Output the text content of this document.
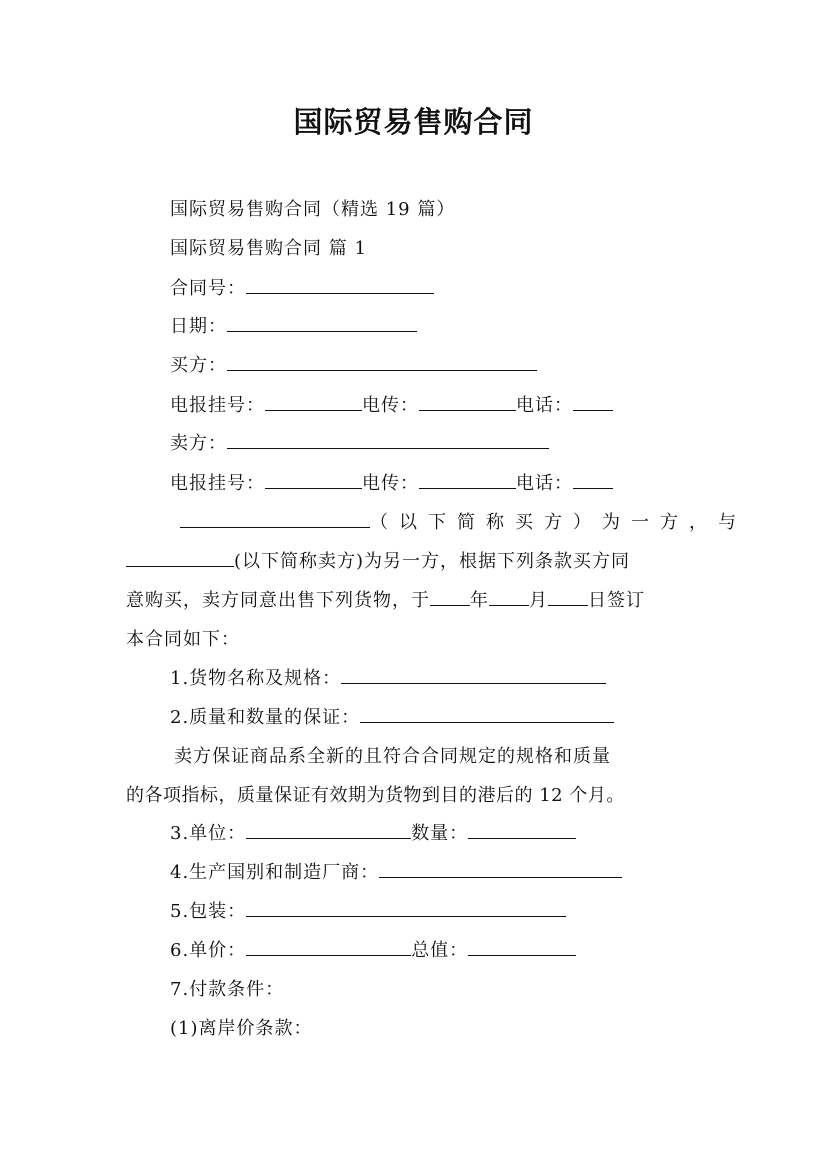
国际贸易售购合同
国际贸易售购合同（精选 19 篇）
国际贸易售购合同 篇 1
合同号：
日期：
买方：
电报挂号：	电传：	电话：
卖方：
电报挂号：	电传：	电话：
（以下简称买方）为一方，与
(以下简称卖方)为另一方，根据下列条款买方同
意购买，卖方同意出售下列货物，于 年 月 日签订
本合同如下：
1.货物名称及规格：
2.质量和数量的保证：
卖方保证商品系全新的且符合合同规定的规格和质量
的各项指标，质量保证有效期为货物到目的港后的 12 个月。
3.单位：	数量：
4.生产国别和制造厂商：
5.包装：
6.单价：	总值：
7.付款条件：
(1)离岸价条款：
